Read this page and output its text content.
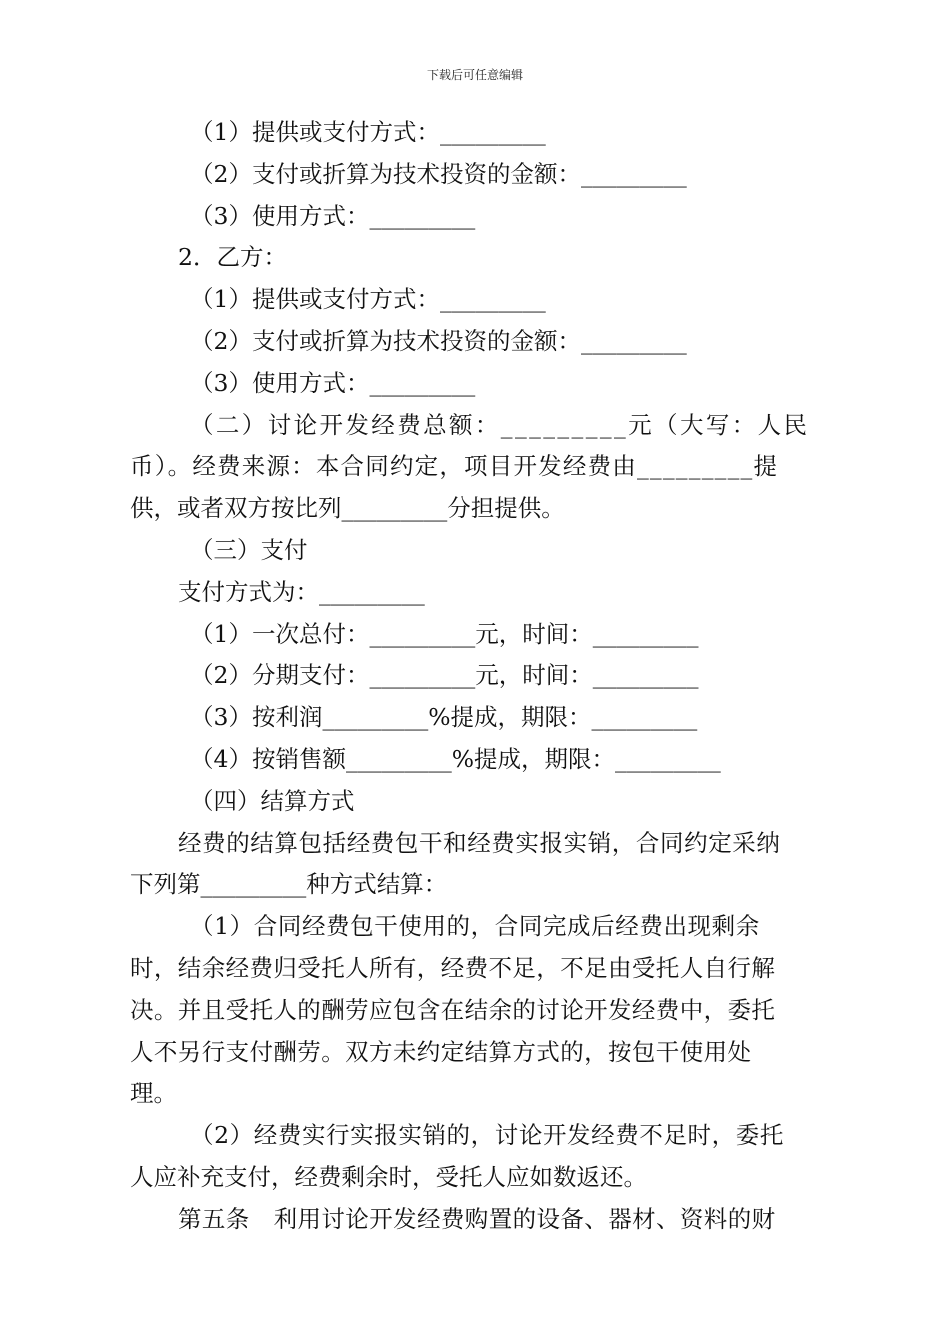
下载后可任意编辑
（1）提供或支付方式：_________
（2）支付或折算为技术投资的金额：_________
（3）使用方式：_________
2．乙方：
（1）提供或支付方式：_________
（2）支付或折算为技术投资的金额：_________
（3）使用方式：_________
（二）讨论开发经费总额：_________元（大写：人民
币）。经费来源：本合同约定，项目开发经费由_________提
供，或者双方按比列_________分担提供。
（三）支付
支付方式为：_________
（1）一次总付：_________元，时间：_________
（2）分期支付：_________元，时间：_________
（3）按利润_________%提成，期限：_________
（4）按销售额_________%提成，期限：_________
（四）结算方式
经费的结算包括经费包干和经费实报实销，合同约定采纳
下列第_________种方式结算：
（1）合同经费包干使用的，合同完成后经费出现剩余
时，结余经费归受托人所有，经费不足，不足由受托人自行解
决。并且受托人的酬劳应包含在结余的讨论开发经费中，委托
人不另行支付酬劳。双方未约定结算方式的，按包干使用处
理。
（2）经费实行实报实销的，讨论开发经费不足时，委托
人应补充支付，经费剩余时，受托人应如数返还。
第五条　利用讨论开发经费购置的设备、器材、资料的财
